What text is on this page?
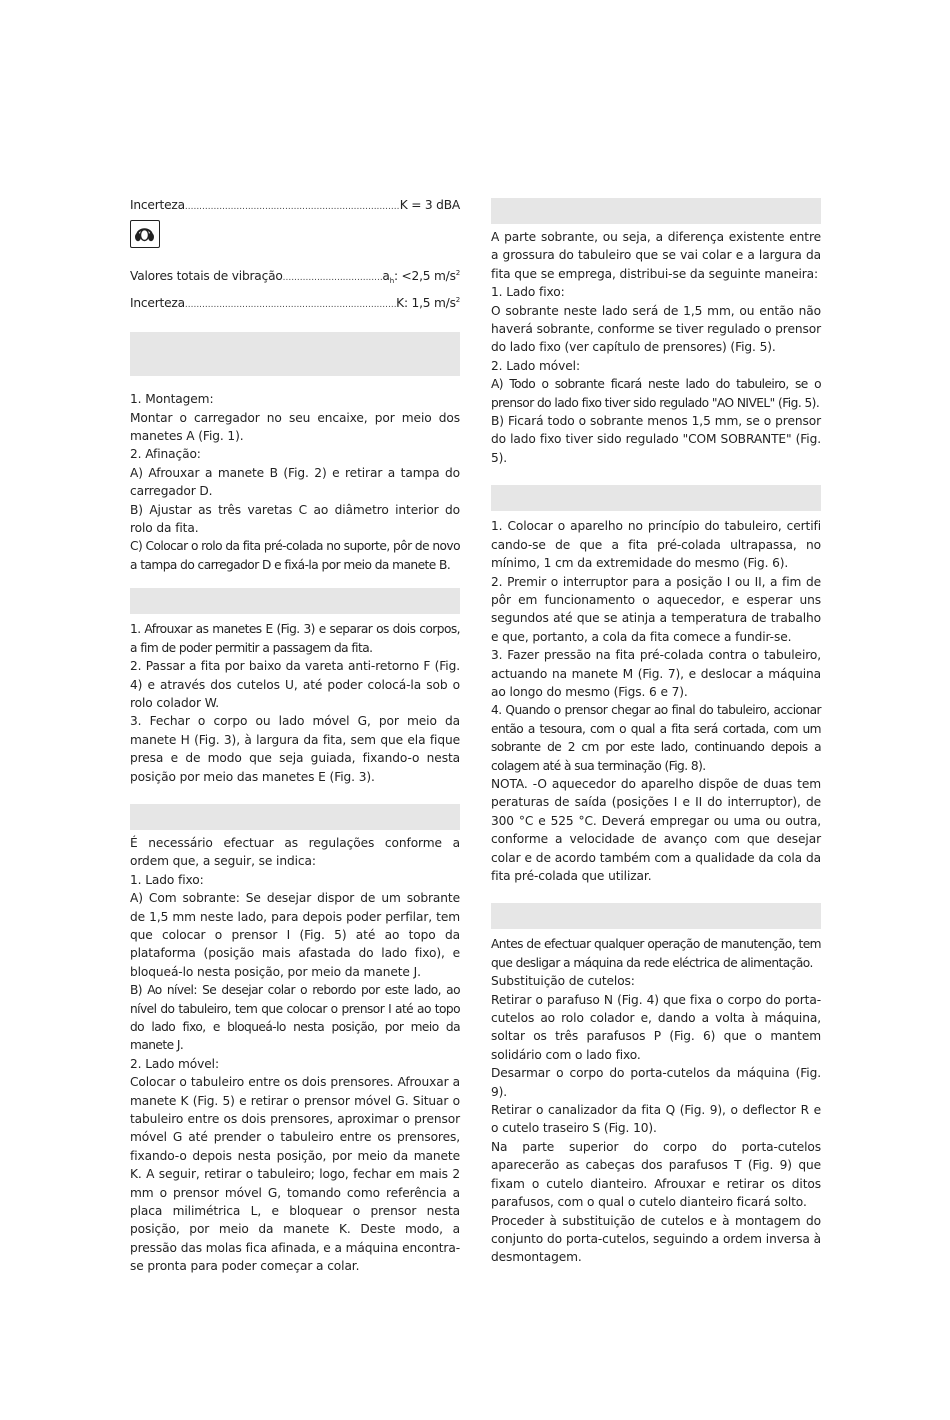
Incerteza .....	K = 3 dBA
Valores totais de vibração .....	$a_h$: <2,5 $m/s^2$
Incerteza .....	K: 1,5 $m/s^2$

1. Montagem:

Montar o carregador no seu encaixe, por meio dos manetes A (Fig. 1).

2. Afinação:

A) Afrouxar a manete B (Fig. 2) e retirar a tampa do carregador D.

B) Ajustar as três varetas C ao diâmetro interior do rolo da fita.

C) Colocar o rolo da fita pré-colada no suporte, pôr de novo a tampa do carregador D e fixá-la por meio da manete B.

1. Afrouxar as manetes E (Fig. 3) e separar os dois corpos, a fim de poder permitir a passagem da fita.

2. Passar a fita por baixo da vareta anti-retorno F (Fig. 4) e através dos cutelos U, até poder colocá-la sob o rolo colador W.

3. Fechar o corpo ou lado móvel G, por meio da manete H (Fig. 3), à largura da fita, sem que ela fique presa e de modo que seja guiada, fixando-o nesta posição por meio das manetes E (Fig. 3).

É necessário efectuar as regulações conforme a ordem que, a seguir, se indica:

1. Lado fixo:

A) Com sobrante: Se desejar dispor de um sobrante de 1,5 mm neste lado, para depois poder perfilar, tem que colocar o prensor I (Fig. 5) até ao topo da plataforma (posição mais afastada do lado fixo), e bloqueá-lo nesta posição, por meio da manete J.

B) Ao nível: Se desejar colar o rebordo por este lado, ao nível do tabuleiro, tem que colocar o prensor I até ao topo do lado fixo, e bloqueá-lo nesta posição, por meio da manete J.

2. Lado móvel:

Colocar o tabuleiro entre os dois prensores. Afrouxar a manete K (Fig. 5) e retirar o prensor móvel G. Situar o tabuleiro entre os dois prensores, aproximar o prensor móvel G até prender o tabuleiro entre os prensores, fixando-o depois nesta posição, por meio da manete K. A seguir, retirar o tabuleiro; logo, fechar em mais 2 mm o prensor móvel G, tomando como referência a placa milimétrica L, e bloquear o prensor nesta posição, por meio da manete K. Deste modo, a pressão das molas fica afinada, e a máquina encontra-se pronta para poder começar a colar.

A parte sobrante, ou seja, a diferença existente entre a grossura do tabuleiro que se vai colar e a largura da fita que se emprega, distribui-se da seguinte maneira:

1. Lado fixo:

O sobrante neste lado será de 1,5 mm, ou então não haverá sobrante, conforme se tiver regulado o prensor do lado fixo (ver capítulo de prensores) (Fig. 5).

2. Lado móvel:

A) Todo o sobrante ficará neste lado do tabuleiro, se o prensor do lado fixo tiver sido regulado "AO NIVEL" (Fig. 5).

B) Ficará todo o sobrante menos 1,5 mm, se o prensor do lado fixo tiver sido regulado "COM SOBRANTE" (Fig. 5).

1. Colocar o aparelho no princípio do tabuleiro, certifi cando-se de que a fita pré-colada ultrapassa, no mínimo, 1 cm da extremidade do mesmo (Fig. 6).

2. Premir o interruptor para a posição I ou II, a fim de pôr em funcionamento o aquecedor, e esperar uns segundos até que se atinja a temperatura de trabalho e que, portanto, a cola da fita comece a fundir-se.

3. Fazer pressão na fita pré-colada contra o tabuleiro, actuando na manete M (Fig. 7), e deslocar a máquina ao longo do mesmo (Figs. 6 e 7).

4. Quando o prensor chegar ao final do tabuleiro, accionar então a tesoura, com o qual a fita será cortada, com um sobrante de 2 cm por este lado, continuando depois a colagem até à sua terminação (Fig. 8).

NOTA. -O aquecedor do aparelho dispõe de duas tem peraturas de saída (posições I e II do interruptor), de 300 °C e 525 °C. Deverá empregar ou uma ou outra, conforme a velocidade de avanço com que desejar colar e de acordo também com a qualidade da cola da fita pré-colada que utilizar.

Antes de efectuar qualquer operação de manutenção, tem que desligar a máquina da rede eléctrica de alimentação.

Substituição de cutelos:

Retirar o parafuso N (Fig. 4) que fixa o corpo do porta-cutelos ao rolo colador e, dando a volta à máquina, soltar os três parafusos P (Fig. 6) que o mantem solidário com o lado fixo.

Desarmar o corpo do porta-cutelos da máquina (Fig. 9).

Retirar o canalizador da fita Q (Fig. 9), o deflector R e o cutelo traseiro S (Fig. 10).

Na parte superior do corpo do porta-cutelos aparecerão as cabeças dos parafusos T (Fig. 9) que fixam o cutelo dianteiro. Afrouxar e retirar os ditos parafusos, com o qual o cutelo dianteiro ficará solto.

Proceder à substituição de cutelos e à montagem do conjunto do porta-cutelos, seguindo a ordem inversa à desmontagem.
